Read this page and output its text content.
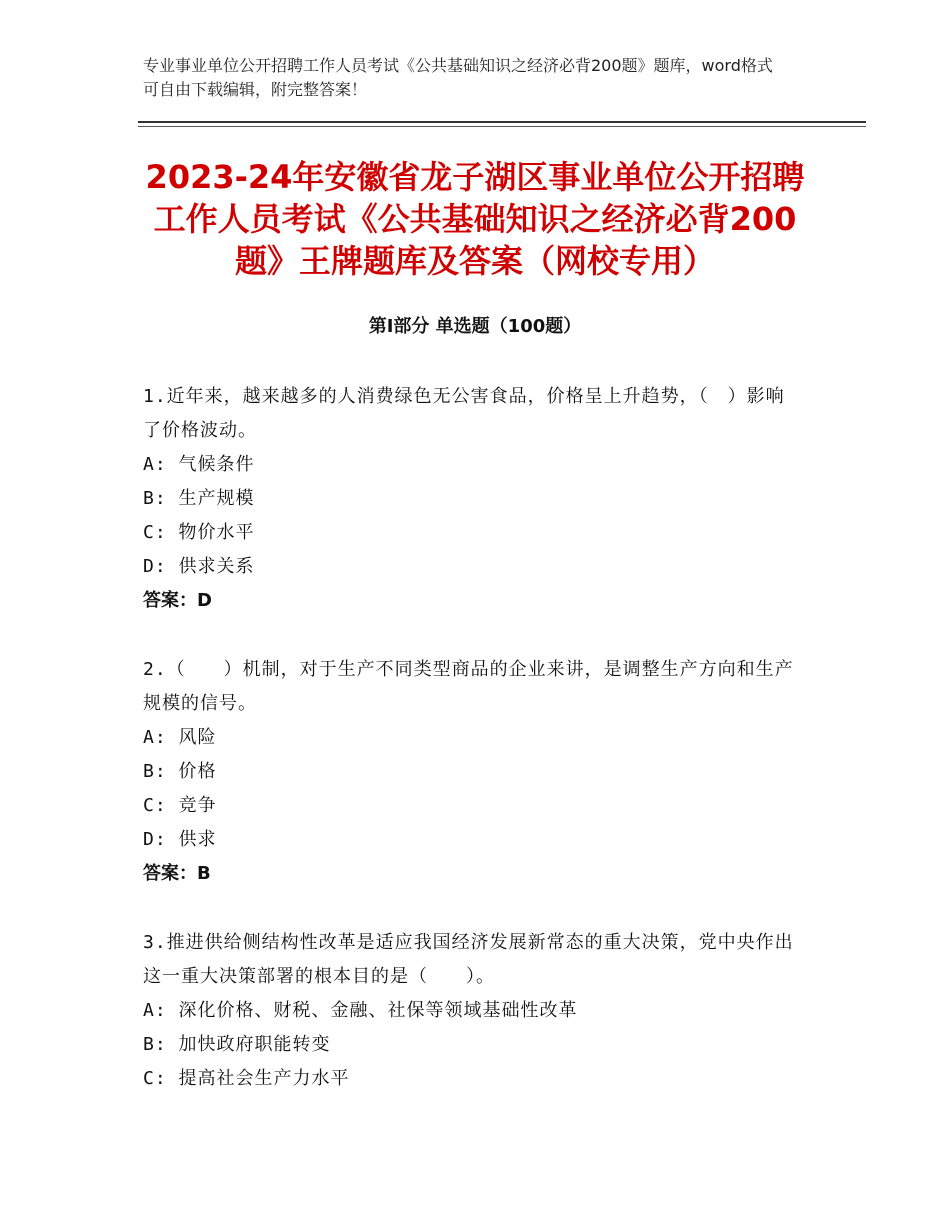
专业事业单位公开招聘工作人员考试《公共基础知识之经济必背200题》题库，word格式可自由下载编辑，附完整答案！
2023-24年安徽省龙子湖区事业单位公开招聘工作人员考试《公共基础知识之经济必背200题》王牌题库及答案（网校专用）
第Ⅰ部分 单选题（100题）
1.近年来，越来越多的人消费绿色无公害食品，价格呈上升趋势，（　）影响了价格波动。
A: 气候条件
B: 生产规模
C: 物价水平
D: 供求关系
答案：D
2.（　　）机制，对于生产不同类型商品的企业来讲，是调整生产方向和生产规模的信号。
A: 风险
B: 价格
C: 竞争
D: 供求
答案：B
3.推进供给侧结构性改革是适应我国经济发展新常态的重大决策，党中央作出这一重大决策部署的根本目的是（　　）。
A: 深化价格、财税、金融、社保等领域基础性改革
B: 加快政府职能转变
C: 提高社会生产力水平
